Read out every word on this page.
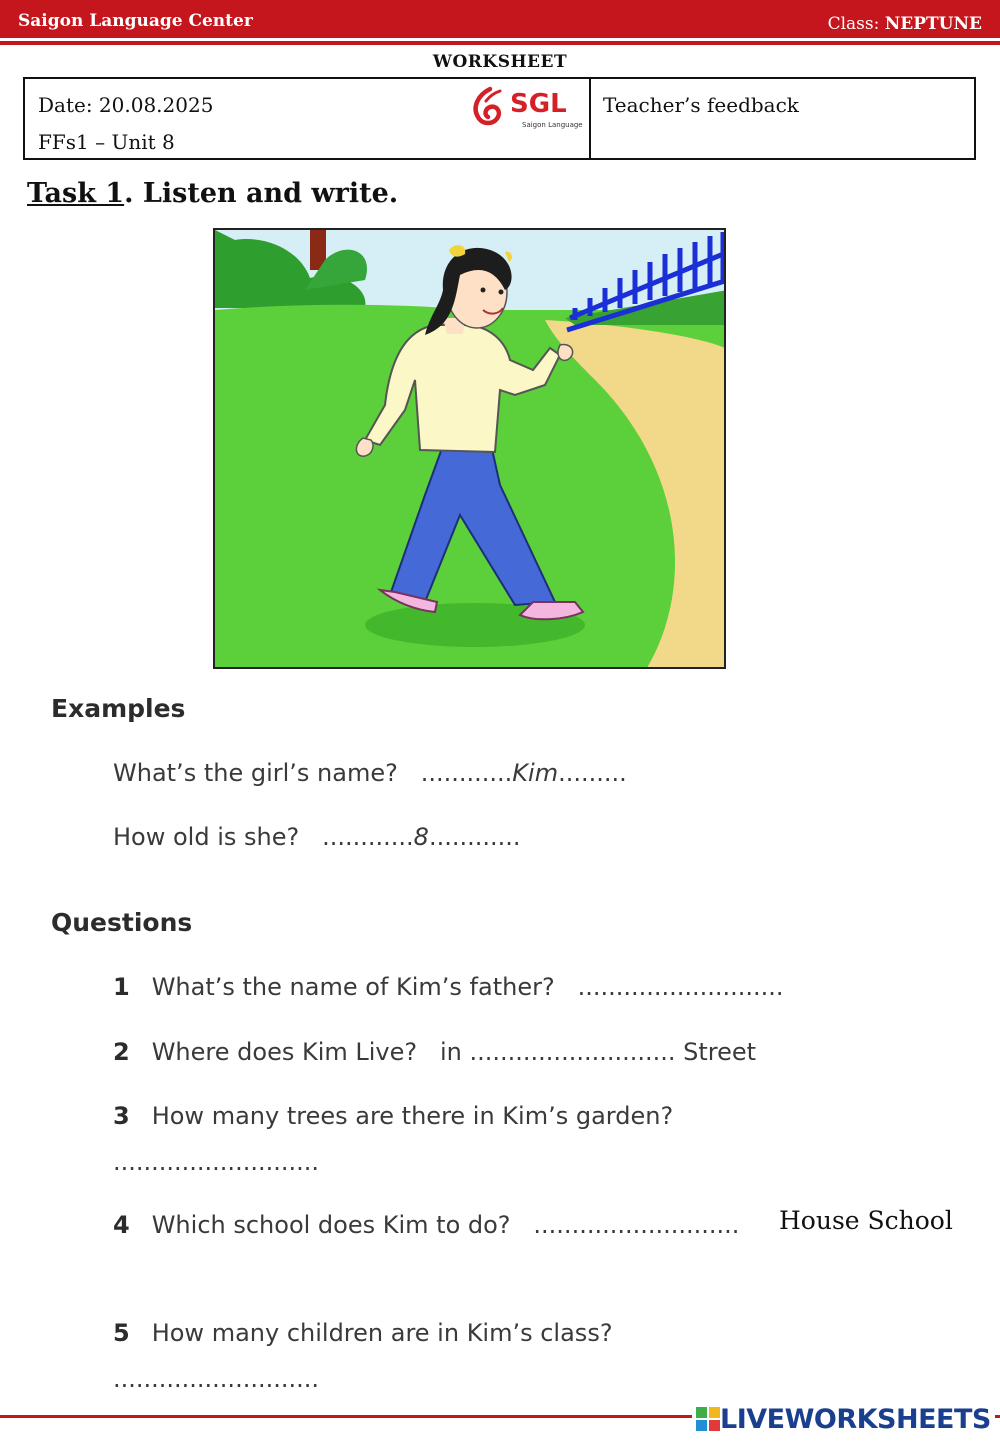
Saigon Language Center	Class: NEPTUNE
WORKSHEET
Date: 20.08.2025
FFs1 – Unit 8
SGL
Saigon Language
Teacher’s feedback
Task 1. Listen and write.
Examples
What’s the girl’s name?   ............Kim.........
How old is she?   ............8............
Questions
1 What’s the name of Kim’s father?   ...........................
2 Where does Kim Live?   in ........................... Street
3 How many trees are there in Kim’s garden?
...........................
4 Which school does Kim to do?   ........................... House School
5 How many children are in Kim’s class?
...........................
LIVEWORKSHEETS
